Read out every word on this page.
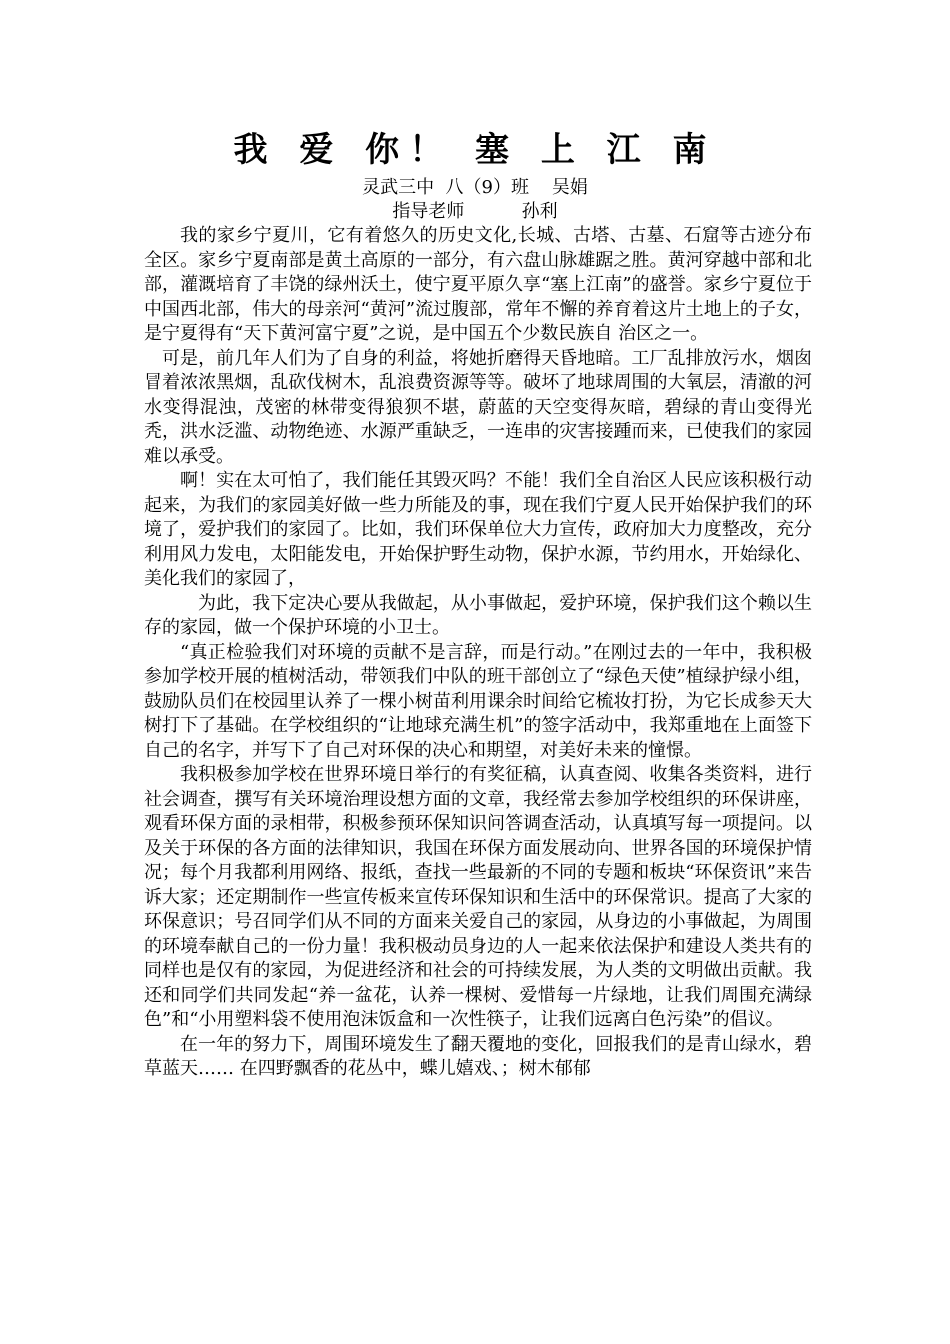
我 爱 你！ 塞 上 江 南
灵武三中  八（9）班    吴娟
指导老师          孙利

我的家乡宁夏川，它有着悠久的历史文化,长城、古塔、古墓、石窟等古迹分布全区。家乡宁夏南部是黄土高原的一部分，有六盘山脉雄踞之胜。黄河穿越中部和北部，灌溉培育了丰饶的绿州沃土，使宁夏平原久享“塞上江南”的盛誉。家乡宁夏位于中国西北部，伟大的母亲河“黄河”流过腹部，常年不懈的养育着这片土地上的子女，是宁夏得有“天下黄河富宁夏”之说，是中国五个少数民族自 治区之一。

可是，前几年人们为了自身的利益，将她折磨得天昏地暗。工厂乱排放污水，烟囱冒着浓浓黑烟，乱砍伐树木，乱浪费资源等等。破坏了地球周围的大氧层，清澈的河水变得混浊，茂密的林带变得狼狈不堪，蔚蓝的天空变得灰暗，碧绿的青山变得光秃，洪水泛滥、动物绝迹、水源严重缺乏，一连串的灾害接踵而来，已使我们的家园难以承受。

啊！实在太可怕了，我们能任其毁灭吗？不能！我们全自治区人民应该积极行动起来，为我们的家园美好做一些力所能及的事，现在我们宁夏人民开始保护我们的环境了，爱护我们的家园了。比如，我们环保单位大力宣传，政府加大力度整改，充分利用风力发电，太阳能发电，开始保护野生动物，保护水源，节约用水，开始绿化、美化我们的家园了，

为此，我下定决心要从我做起，从小事做起，爱护环境，保护我们这个赖以生存的家园，做一个保护环境的小卫士。

“真正检验我们对环境的贡献不是言辞，而是行动。”在刚过去的一年中，我积极参加学校开展的植树活动，带领我们中队的班干部创立了“绿色天使”植绿护绿小组，鼓励队员们在校园里认养了一棵小树苗利用课余时间给它梳妆打扮，为它长成参天大树打下了基础。在学校组织的“让地球充满生机”的签字活动中，我郑重地在上面签下自己的名字，并写下了自己对环保的决心和期望，对美好未来的憧憬。

我积极参加学校在世界环境日举行的有奖征稿，认真查阅、收集各类资料，进行社会调查，撰写有关环境治理设想方面的文章，我经常去参加学校组织的环保讲座，观看环保方面的录相带，积极参预环保知识问答调查活动，认真填写每一项提问。以及关于环保的各方面的法律知识，我国在环保方面发展动向、世界各国的环境保护情况；每个月我都利用网络、报纸，查找一些最新的不同的专题和板块“环保资讯”来告诉大家；还定期制作一些宣传板来宣传环保知识和生活中的环保常识。提高了大家的环保意识；号召同学们从不同的方面来关爱自己的家园，从身边的小事做起，为周围的环境奉献自己的一份力量！我积极动员身边的人一起来依法保护和建设人类共有的同样也是仅有的家园，为促进经济和社会的可持续发展，为人类的文明做出贡献。我还和同学们共同发起“养一盆花，认养一棵树、爱惜每一片绿地，让我们周围充满绿色”和“小用塑料袋不使用泡沫饭盒和一次性筷子，让我们远离白色污染”的倡议。

在一年的努力下，周围环境发生了翻天覆地的变化，回报我们的是青山绿水，碧草蓝天…… 在四野飘香的花丛中，蝶儿嬉戏、；树木郁郁
